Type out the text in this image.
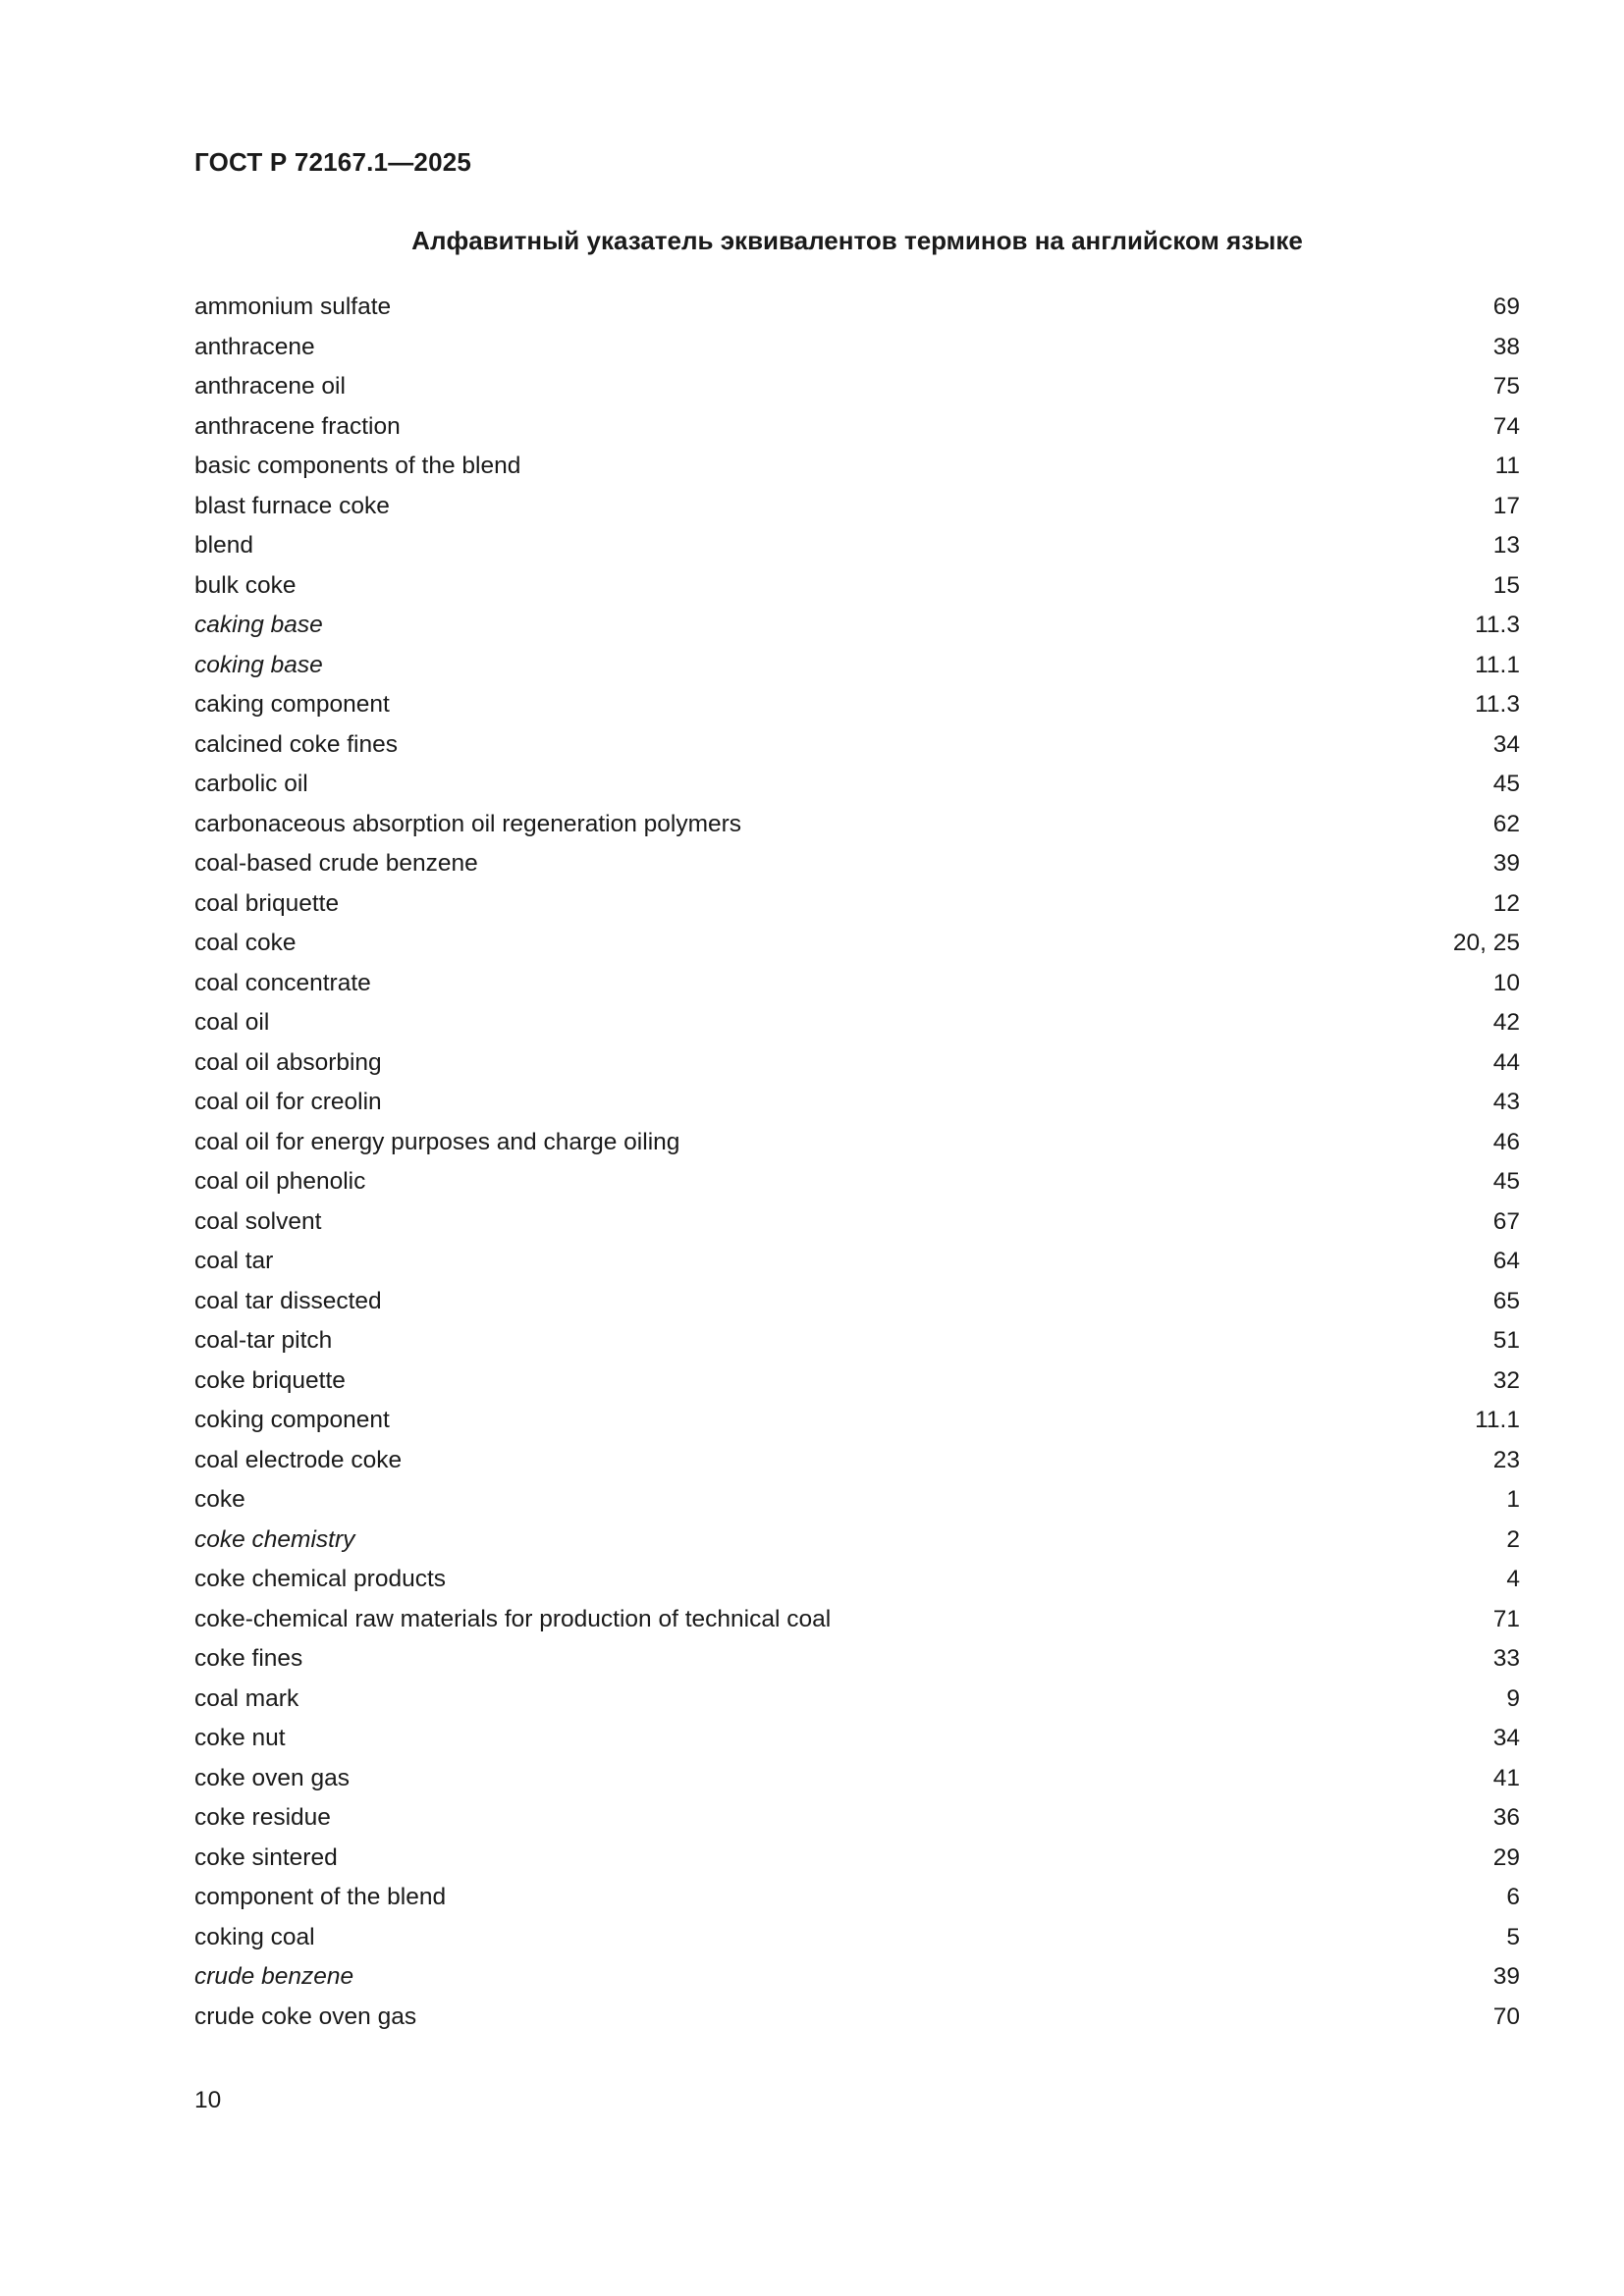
ГОСТ Р 72167.1—2025
Алфавитный указатель эквивалентов терминов на английском языке
ammonium sulfate	69
anthracene	38
anthracene oil	75
anthracene fraction	74
basic components of the blend	11
blast furnace coke	17
blend	13
bulk coke	15
caking base	11.3
coking base	11.1
caking component	11.3
calcined coke fines	34
carbolic oil	45
carbonaceous absorption oil regeneration polymers	62
coal-based crude benzene	39
coal briquette	12
coal coke	20, 25
coal concentrate	10
coal oil	42
coal oil absorbing	44
coal oil for creolin	43
coal oil for energy purposes and charge oiling	46
coal oil phenolic	45
coal solvent	67
coal tar	64
coal tar dissected	65
coal-tar pitch	51
coke briquette	32
coking component	11.1
coal electrode coke	23
coke	1
coke chemistry	2
coke chemical products	4
coke-chemical raw materials for production of technical coal	71
coke fines	33
coal mark	9
coke nut	34
coke oven gas	41
coke residue	36
coke sintered	29
component of the blend	6
coking coal	5
crude benzene	39
crude coke oven gas	70
10
